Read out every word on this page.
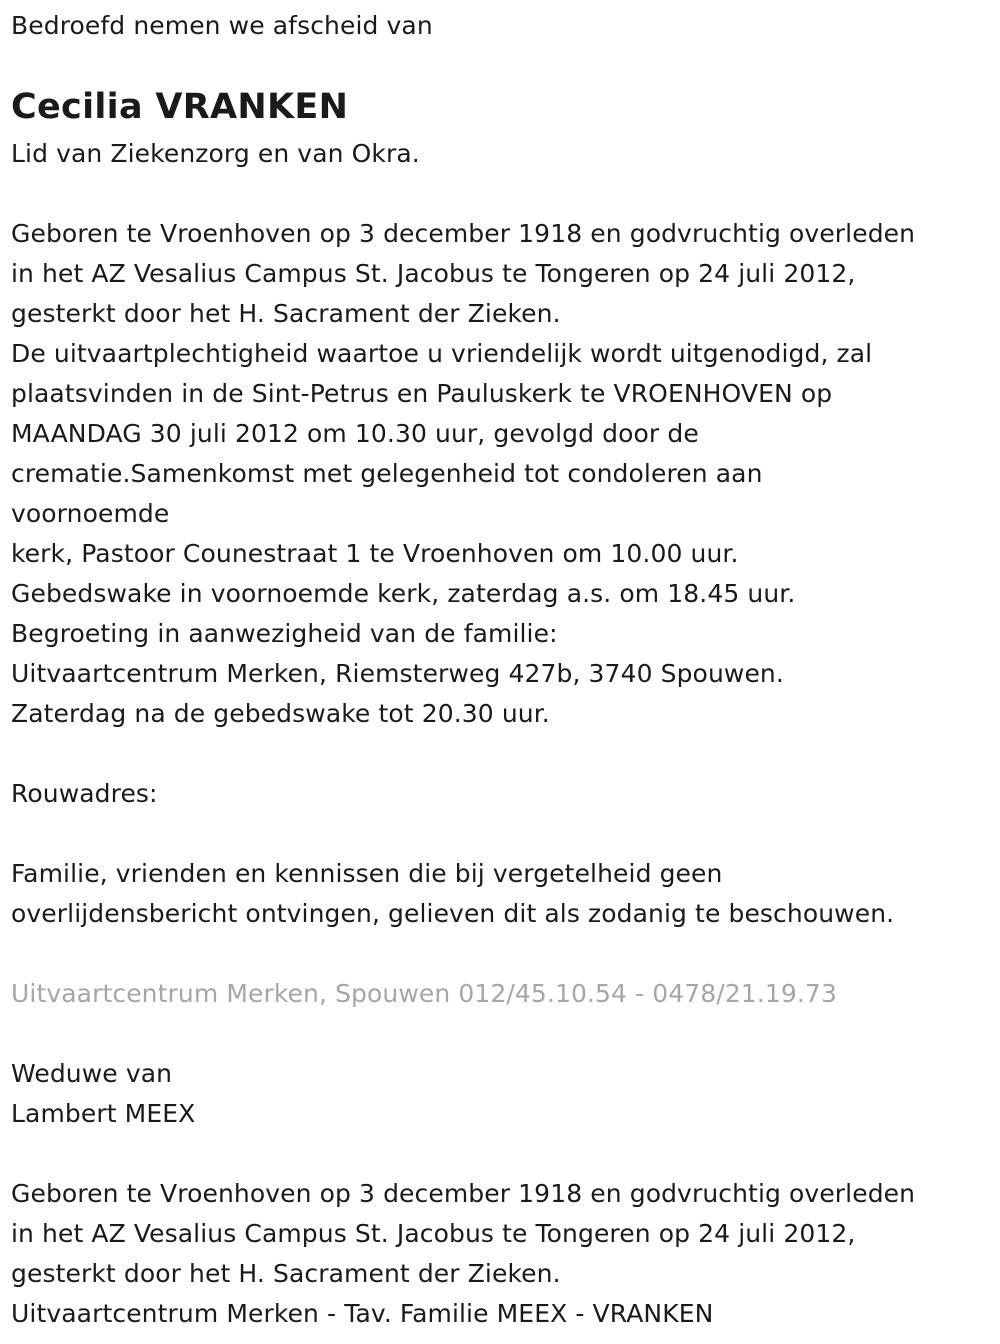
Bedroefd nemen we afscheid van
Cecilia VRANKEN
Lid van Ziekenzorg en van Okra.
Geboren te Vroenhoven op 3 december 1918 en godvruchtig overleden
in het AZ Vesalius Campus St. Jacobus te Tongeren op 24 juli 2012,
gesterkt door het H. Sacrament der Zieken.
De uitvaartplechtigheid waartoe u vriendelijk wordt uitgenodigd, zal
plaatsvinden in de Sint-Petrus en Pauluskerk te VROENHOVEN op
MAANDAG 30 juli 2012 om 10.30 uur, gevolgd door de
crematie.Samenkomst met gelegenheid tot condoleren aan
voornoemde
kerk, Pastoor Counestraat 1 te Vroenhoven om 10.00 uur.
Gebedswake in voornoemde kerk, zaterdag a.s. om 18.45 uur.
Begroeting in aanwezigheid van de familie:
Uitvaartcentrum Merken, Riemsterweg 427b, 3740 Spouwen.
Zaterdag na de gebedswake tot 20.30 uur.
Rouwadres:
Familie, vrienden en kennissen die bij vergetelheid geen
overlijdensbericht ontvingen, gelieven dit als zodanig te beschouwen.
Uitvaartcentrum Merken, Spouwen 012/45.10.54 - 0478/21.19.73
Weduwe van
Lambert MEEX
Geboren te Vroenhoven op 3 december 1918 en godvruchtig overleden
in het AZ Vesalius Campus St. Jacobus te Tongeren op 24 juli 2012,
gesterkt door het H. Sacrament der Zieken.
Uitvaartcentrum Merken - Tav. Familie MEEX - VRANKEN
